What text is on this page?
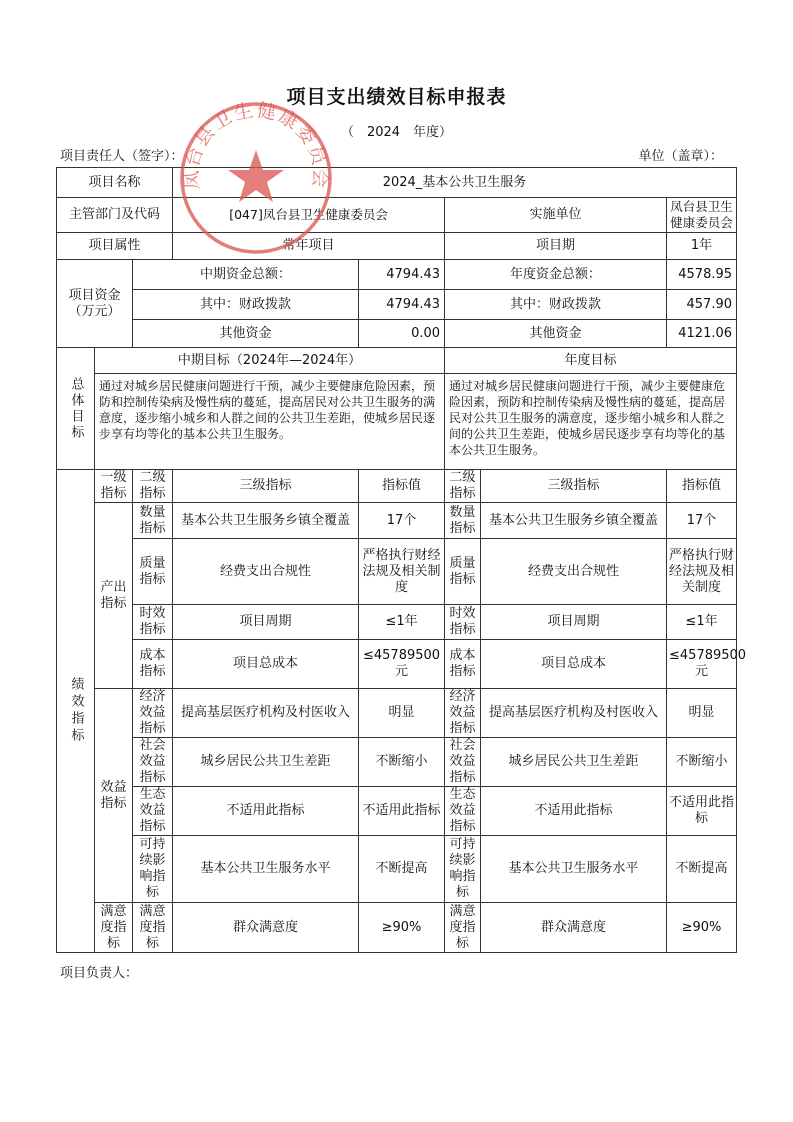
项目支出绩效目标申报表
（　2024　年度）
项目责任人（签字）：	单位（盖章）：
项目名称			2024_基本公共卫生服务				
主管部门及代码			[047]凤台县卫生健康委员会		实施单位		凤台县卫生健康委员会
项目属性			常年项目		项目期		1年
项目资金（万元）		中期资金总额：		4794.43	年度资金总额：		4578.95
		其中：财政拨款		4794.43	其中：财政拨款		457.90
		其他资金		0.00	其他资金		4121.06
总体目标	中期目标（2024年—2024年）				年度目标		
	通过对城乡居民健康问题进行干预，减少主要健康危险因素，预防和控制传染病及慢性病的蔓延，提高居民对公共卫生服务的满意度，逐步缩小城乡和人群之间的公共卫生差距，使城乡居民逐步享有均等化的基本公共卫生服务。				通过对城乡居民健康问题进行干预，减少主要健康危险因素，预防和控制传染病及慢性病的蔓延，提高居民对公共卫生服务的满意度，逐步缩小城乡和人群之间的公共卫生差距，使城乡居民逐步享有均等化的基本公共卫生服务。		
绩效指标	一级指标	二级指标	三级指标	指标值	二级指标	三级指标	指标值
	产出指标	数量指标	基本公共卫生服务乡镇全覆盖	17个	数量指标	基本公共卫生服务乡镇全覆盖	17个
		质量指标	经费支出合规性	严格执行财经法规及相关制度	质量指标	经费支出合规性	严格执行财经法规及相关制度
		时效指标	项目周期	≤1年	时效指标	项目周期	≤1年
		成本指标	项目总成本	≤45789500元	成本指标	项目总成本	≤45789500元
	效益指标	经济效益指标	提高基层医疗机构及村医收入	明显	经济效益指标	提高基层医疗机构及村医收入	明显
		社会效益指标	城乡居民公共卫生差距	不断缩小	社会效益指标	城乡居民公共卫生差距	不断缩小
		生态效益指标	不适用此指标	不适用此指标	生态效益指标	不适用此指标	不适用此指标
		可持续影响指标	基本公共卫生服务水平	不断提高	可持续影响指标	基本公共卫生服务水平	不断提高
	满意度指标	满意度指标	群众满意度	≥90%	满意度指标	群众满意度	≥90%
项目负责人：
凤台县卫生健康委员会
